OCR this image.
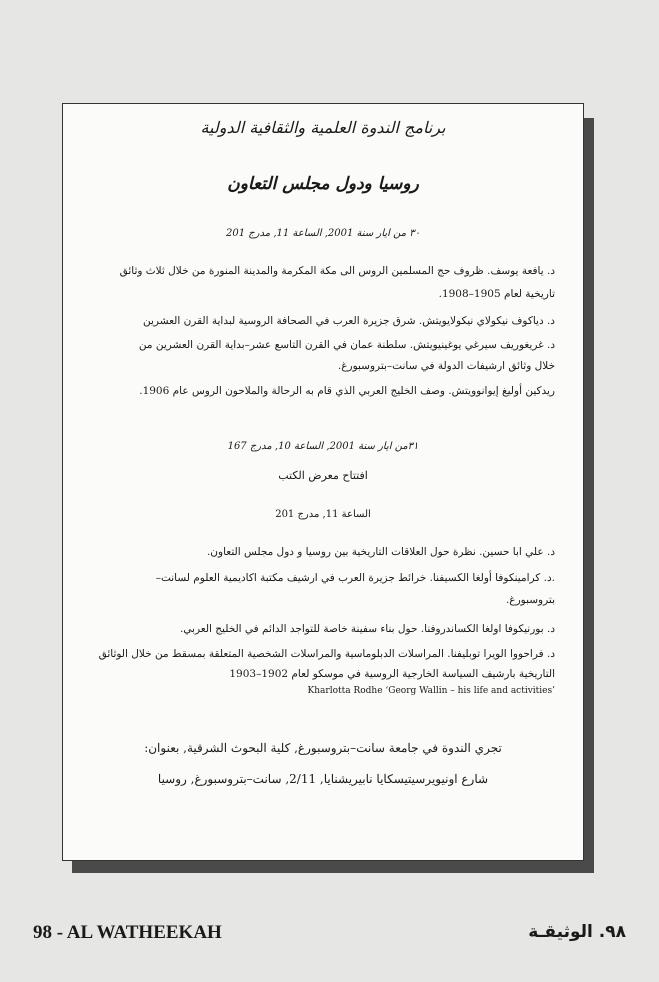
برنامج الندوة العلمية والثقافية الدولية
روسيا ودول مجلس التعاون
٣٠ من ايار سنة 2001, الساعة 11, مدرج 201
د. يافعة يوسف. ظروف حج المسلمين الروس الى مكة المكرمة والمدينة المنورة من خلال ثلاث وثائق
تاريخية لعام 1905–1908.
د. دياكوف نيكولاي نيكولايويتش. شرق جزيرة العرب في الصحافة الروسية لبداية القرن العشرين
د. غريغوريف سيرغي يوغينيويتش. سلطنة عمان في القرن التاسع عشر–بداية القرن العشرين من
خلال وثائق ارشيفات الدولة في سانت–بتروسبورغ.
ريدكين أوليغ إيوانوويتش. وصف الخليج العربي الذي قام به الرحالة والملاحون الروس عام 1906.
٣١من ايار سنة 2001, الساعة 10, مدرج 167
افتتاح معرض الكتب
الساعة 11, مدرج 201
د. علي ابا حسين. نظرة حول العلاقات التاريخية بين روسيا و دول مجلس التعاون.
.د. كرامينكوفا أولغا الكسيفنا. خرائط جزيرة العرب في ارشيف مكتبة اكاديمية العلوم لسانت–
بتروسبورغ.
د. بورنيكوفا اولغا الكساندروفنا. حول بناء سفينة خاصة للتواجد الدائم في الخليج العربي.
د. فراحووا الويرا توبليفنا. المراسلات الدبلوماسية والمراسلات الشخصية المتعلقة بمسقط من خلال الوثائق
التاريخية بارشيف السياسة الخارجية الروسية في موسكو لعام 1902–1903
Kharlotta Rodhe ‘Georg Wallin – his life and activities’
تجري الندوة في جامعة سانت–بتروسبورغ, كلية البحوث الشرقية, بعنوان:
شارع اونيويرسيتيسكايا نابيريشنايا, 2/11, سانت–بتروسبورغ, روسيا
98 - AL WATHEEKAH	٩٨. الوثيقـة
